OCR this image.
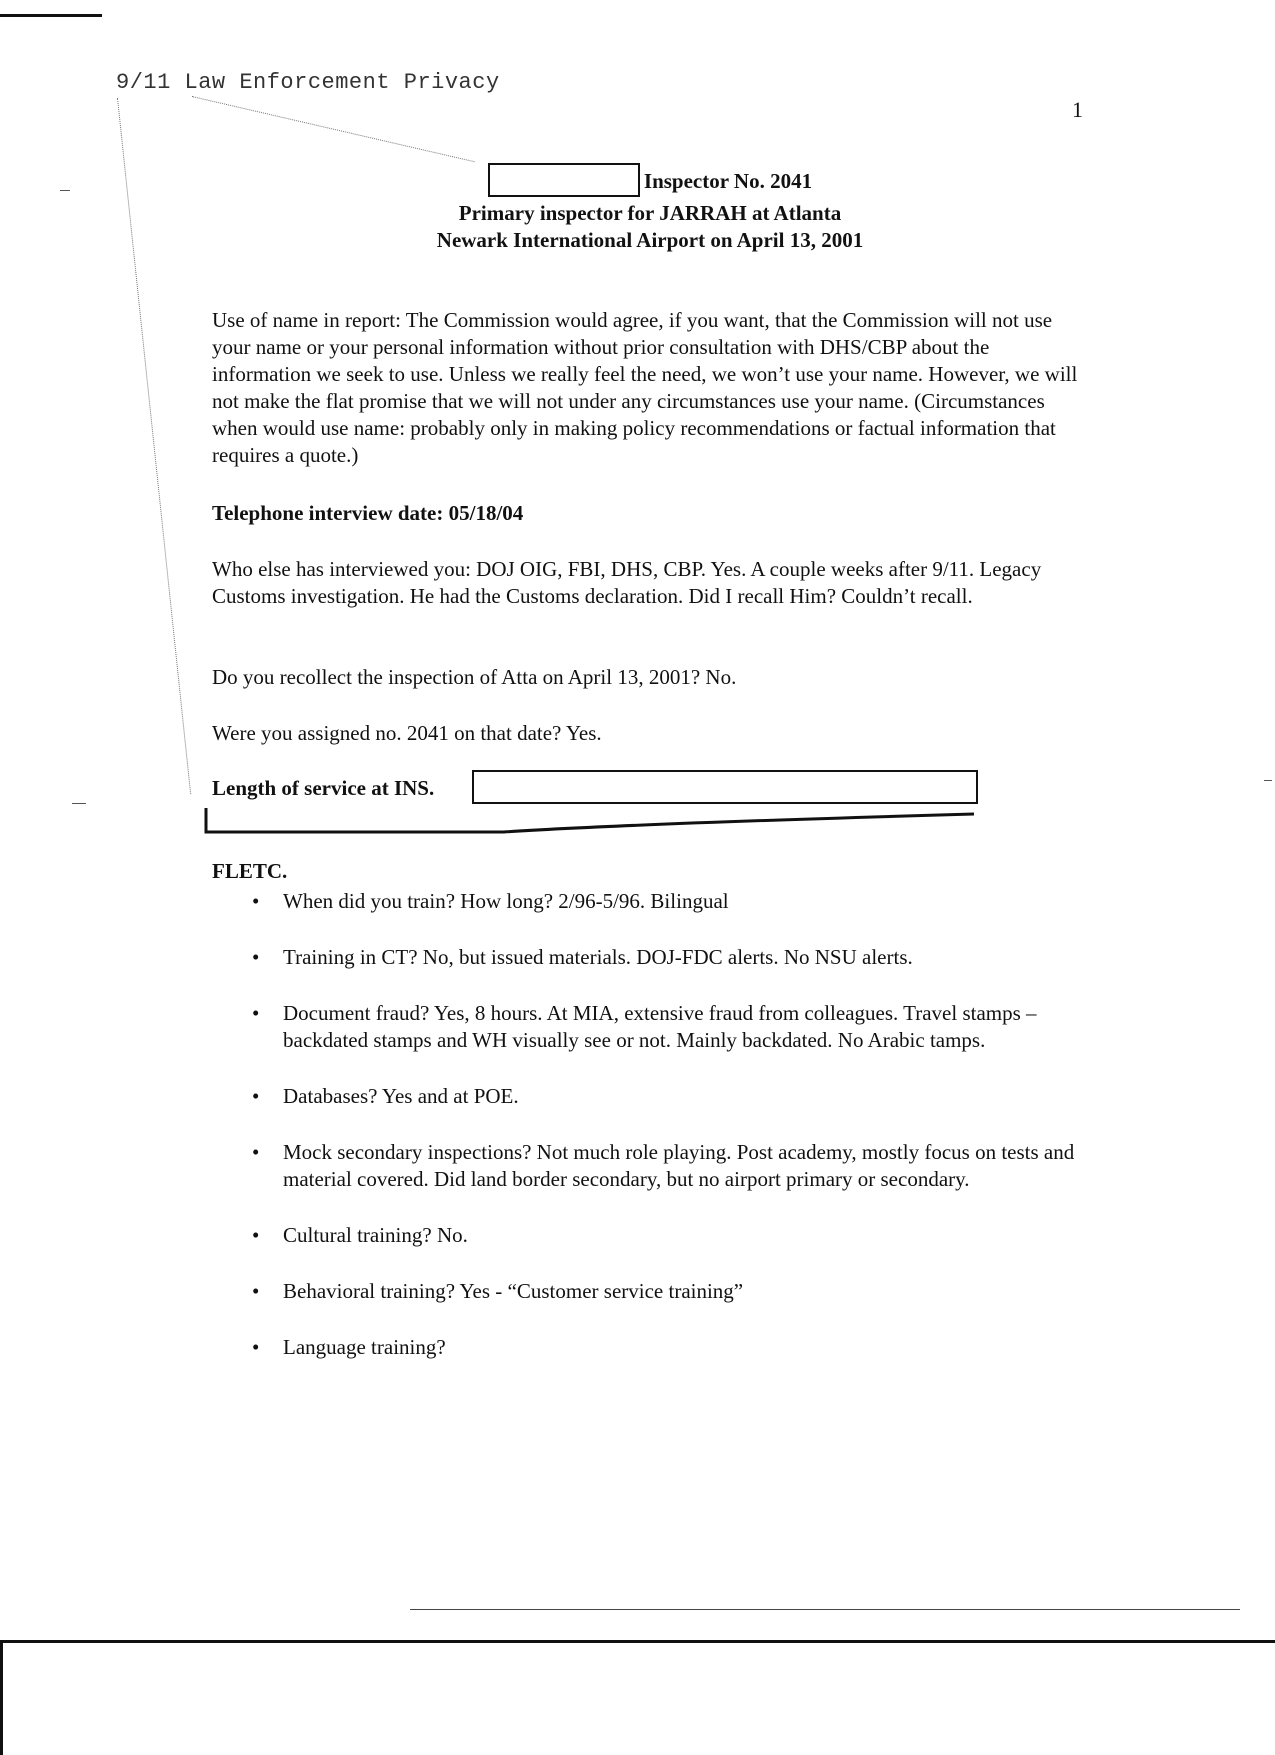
9/11 Law Enforcement Privacy
1
Inspector No. 2041
Primary inspector for JARRAH at Atlanta
Newark International Airport on April 13, 2001
Use of name in report: The Commission would agree, if you want, that the Commission will not use your name or your personal information without prior consultation with DHS/CBP about the information we seek to use. Unless we really feel the need, we won’t use your name. However, we will not make the flat promise that we will not under any circumstances use your name. (Circumstances when would use name: probably only in making policy recommendations or factual information that requires a quote.)
Telephone interview date: 05/18/04
Who else has interviewed you: DOJ OIG, FBI, DHS, CBP. Yes. A couple weeks after 9/11. Legacy Customs investigation. He had the Customs declaration. Did I recall Him? Couldn’t recall.
Do you recollect the inspection of Atta on April 13, 2001? No.
Were you assigned no. 2041 on that date? Yes.
Length of service at INS.
FLETC.
• When did you train? How long? 2/96-5/96. Bilingual
• Training in CT? No, but issued materials. DOJ-FDC alerts. No NSU alerts.
• Document fraud? Yes, 8 hours. At MIA, extensive fraud from colleagues. Travel stamps – backdated stamps and WH visually see or not. Mainly backdated. No Arabic tamps.
• Databases? Yes and at POE.
• Mock secondary inspections? Not much role playing. Post academy, mostly focus on tests and material covered. Did land border secondary, but no airport primary or secondary.
• Cultural training? No.
• Behavioral training? Yes - “Customer service training”
• Language training?
